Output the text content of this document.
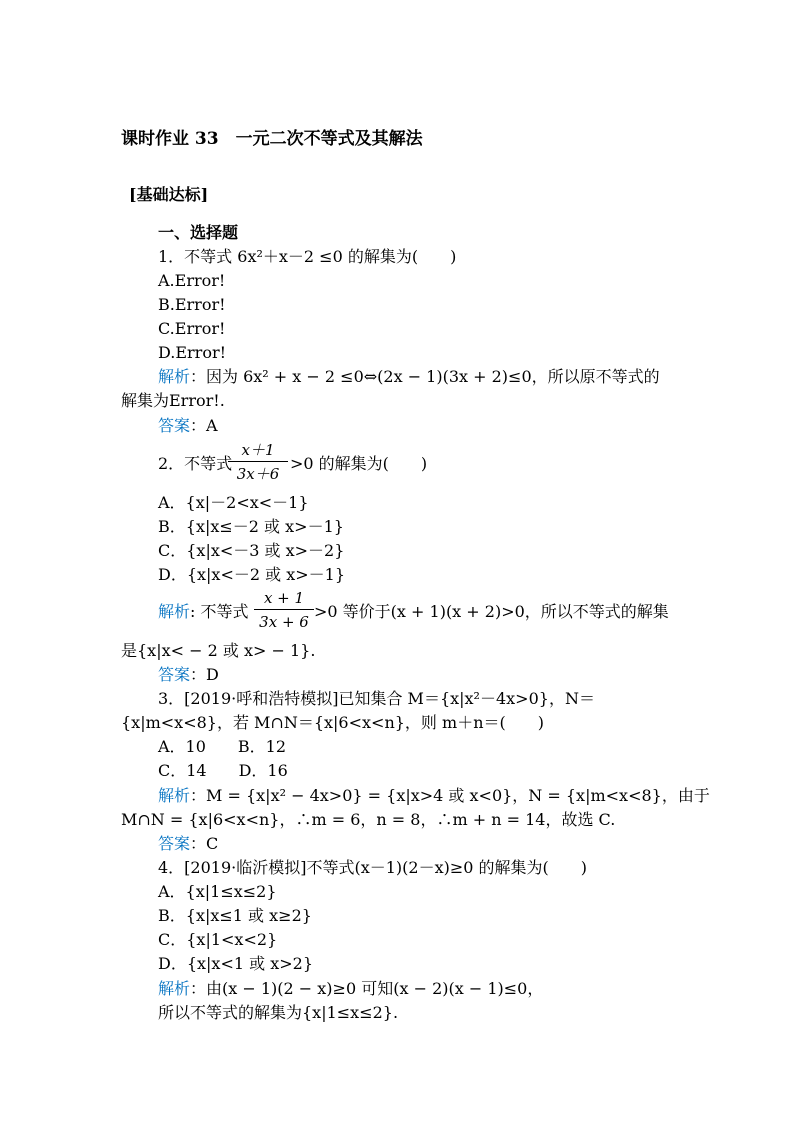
课时作业 33　一元二次不等式及其解法
[基础达标]
一、选择题
1．不等式 6x²＋x－2 ≤0 的解集为(　　)
A.Error!
B.Error!
C.Error!
D.Error!
解析：因为 6x² + x − 2 ≤0⇔(2x − 1)(3x + 2)≤0，所以原不等式的
解集为Error!.
答案：A
2．不等式
x＋1
3x＋6
>0 的解集为(　　)
A．{x|－2<x<－1}
B．{x|x≤－2 或 x>－1}
C．{x|x<－3 或 x>－2}
D．{x|x<－2 或 x>－1}
解析: 不等式
x + 1
3x + 6
>0 等价于(x + 1)(x + 2)>0，所以不等式的解集
是{x|x< − 2 或 x> − 1}.
答案：D
3．[2019·呼和浩特模拟]已知集合 M＝{x|x²－4x>0}，N＝
{x|m<x<8}，若 M∩N＝{x|6<x<n}，则 m＋n＝(　　)
A．10　　B．12
C．14　　D．16
解析：M = {x|x² − 4x>0} = {x|x>4 或 x<0}，N = {x|m<x<8}，由于
M∩N = {x|6<x<n}，∴m = 6，n = 8，∴m + n = 14，故选 C.
答案：C
4．[2019·临沂模拟]不等式(x－1)(2－x)≥0 的解集为(　　)
A．{x|1≤x≤2}
B．{x|x≤1 或 x≥2}
C．{x|1<x<2}
D．{x|x<1 或 x>2}
解析：由(x − 1)(2 − x)≥0 可知(x − 2)(x − 1)≤0，
所以不等式的解集为{x|1≤x≤2}.
